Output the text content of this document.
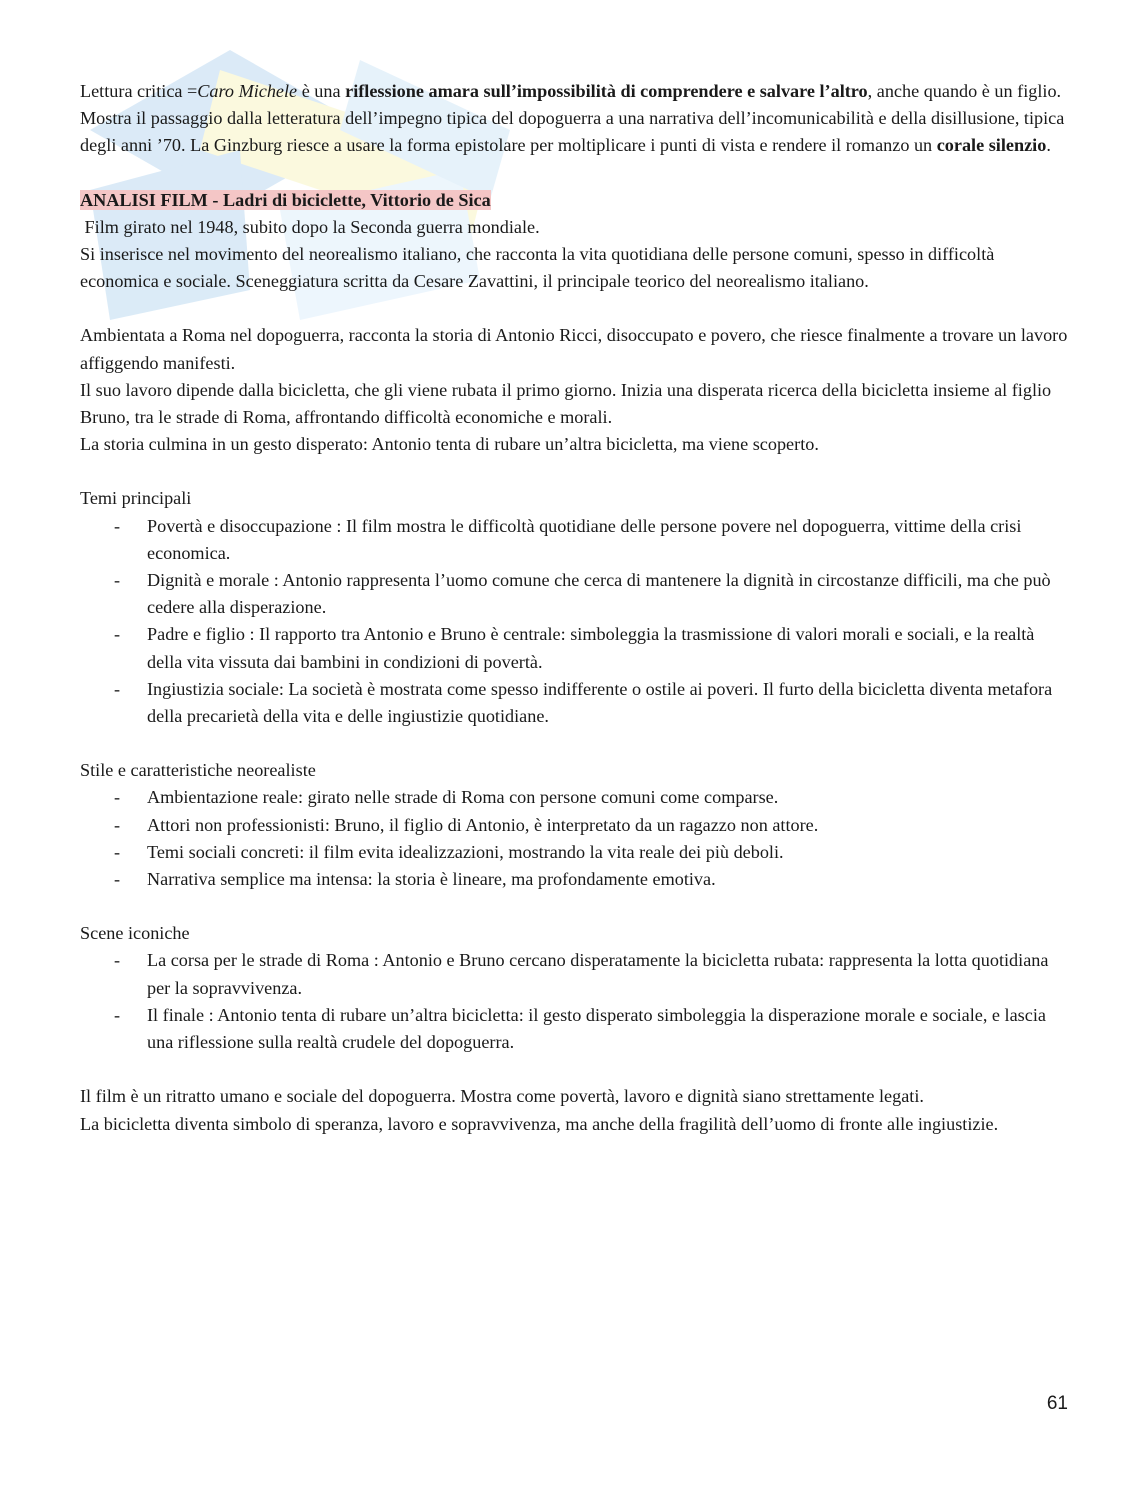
Lettura critica =Caro Michele è una riflessione amara sull’impossibilità di comprendere e salvare l’altro, anche quando è un figlio. Mostra il passaggio dalla letteratura dell’impegno tipica del dopoguerra a una narrativa dell’incomunicabilità e della disillusione, tipica degli anni ’70. La Ginzburg riesce a usare la forma epistolare per moltiplicare i punti di vista e rendere il romanzo un corale silenzio.

ANALISI FILM - Ladri di biciclette, Vittorio de Sica

Film girato nel 1948, subito dopo la Seconda guerra mondiale.

Si inserisce nel movimento del neorealismo italiano, che racconta la vita quotidiana delle persone comuni, spesso in difficoltà economica e sociale. Sceneggiatura scritta da Cesare Zavattini, il principale teorico del neorealismo italiano.

Ambientata a Roma nel dopoguerra, racconta la storia di Antonio Ricci, disoccupato e povero, che riesce finalmente a trovare un lavoro affiggendo manifesti.

Il suo lavoro dipende dalla bicicletta, che gli viene rubata il primo giorno. Inizia una disperata ricerca della bicicletta insieme al figlio Bruno, tra le strade di Roma, affrontando difficoltà economiche e morali.

La storia culmina in un gesto disperato: Antonio tenta di rubare un’altra bicicletta, ma viene scoperto.

Temi principali

- Povertà e disoccupazione : Il film mostra le difficoltà quotidiane delle persone povere nel dopoguerra, vittime della crisi economica.
- Dignità e morale : Antonio rappresenta l’uomo comune che cerca di mantenere la dignità in circostanze difficili, ma che può cedere alla disperazione.
- Padre e figlio : Il rapporto tra Antonio e Bruno è centrale: simboleggia la trasmissione di valori morali e sociali, e la realtà della vita vissuta dai bambini in condizioni di povertà.
- Ingiustizia sociale: La società è mostrata come spesso indifferente o ostile ai poveri. Il furto della bicicletta diventa metafora della precarietà della vita e delle ingiustizie quotidiane.

Stile e caratteristiche neorealiste

- Ambientazione reale: girato nelle strade di Roma con persone comuni come comparse.
- Attori non professionisti: Bruno, il figlio di Antonio, è interpretato da un ragazzo non attore.
- Temi sociali concreti: il film evita idealizzazioni, mostrando la vita reale dei più deboli.
- Narrativa semplice ma intensa: la storia è lineare, ma profondamente emotiva.

Scene iconiche

- La corsa per le strade di Roma : Antonio e Bruno cercano disperatamente la bicicletta rubata: rappresenta la lotta quotidiana per la sopravvivenza.
- Il finale : Antonio tenta di rubare un’altra bicicletta: il gesto disperato simboleggia la disperazione morale e sociale, e lascia una riflessione sulla realtà crudele del dopoguerra.

Il film è un ritratto umano e sociale del dopoguerra. Mostra come povertà, lavoro e dignità siano strettamente legati.

La bicicletta diventa simbolo di speranza, lavoro e sopravvivenza, ma anche della fragilità dell’uomo di fronte alle ingiustizie.

61
